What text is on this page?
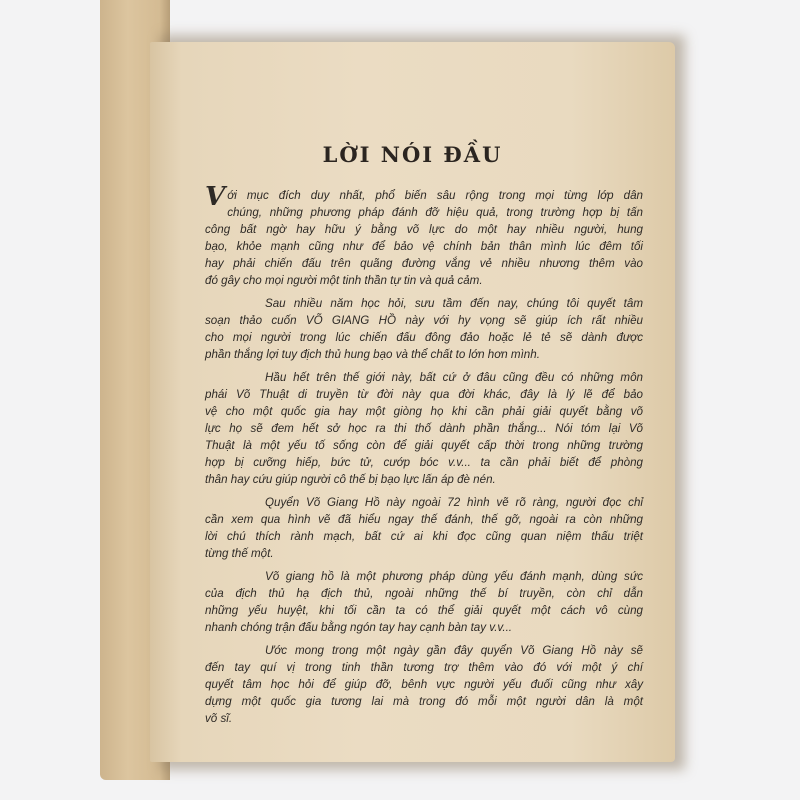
LỜI NÓI ĐẦU
V ới mục đích duy nhất, phổ biến sâu rộng trong mọi từng lớp dân
chúng, những phương pháp đánh đỡ hiệu quả, trong trường hợp bị tấn
công bất ngờ hay hữu ý bằng võ lực do một hay nhiều người, hung
bạo, khỏe mạnh cũng như để bảo vệ chính bản thân mình lúc đêm tối
hay phải chiến đấu trên quãng đường vắng vẻ nhiều nhương thêm vào
đó gây cho mọi người một tinh thần tự tin và quả cảm.
Sau nhiều năm học hỏi, sưu tầm đến nay, chúng tôi quyết tâm
soạn thảo cuốn VÕ GIANG HỒ này với hy vọng sẽ giúp ích rất nhiều
cho mọi người trong lúc chiến đấu đông đảo hoặc lẻ tẻ sẽ dành được
phần thắng lợi tuy địch thủ hung bạo và thể chất to lớn hơn mình.
Hầu hết trên thế giới này, bất cứ ở đâu cũng đều có những môn
phái Võ Thuật di truyền từ đời này qua đời khác, đây là lý lẽ để bảo
vệ cho một quốc gia hay một giòng họ khi cần phải giải quyết bằng võ
lực họ sẽ đem hết sở học ra thi thố dành phần thắng... Nói tóm lại Võ
Thuật là một yếu tố sống còn để giải quyết cấp thời trong những trường
hợp bị cưỡng hiếp, bức tử, cướp bóc v.v... ta cần phải biết để phòng
thân hay cứu giúp người cô thế bị bạo lực lấn áp đè nén.
Quyển Võ Giang Hồ này ngoài 72 hình vẽ rõ ràng, người đọc chỉ
cần xem qua hình vẽ đã hiểu ngay thế đánh, thế gỡ, ngoài ra còn những
lời chú thích rành mạch, bất cứ ai khi đọc cũng quan niệm thấu triệt
từng thế một.
Võ giang hồ là một phương pháp dùng yếu đánh mạnh, dùng sức
của địch thủ hạ địch thủ, ngoài những thế bí truyền, còn chỉ dẫn
những yếu huyệt, khi tối cần ta có thể giải quyết một cách vô cùng
nhanh chóng trận đấu bằng ngón tay hay cạnh bàn tay v.v...
Ước mong trong một ngày gần đây quyển Võ Giang Hồ này sẽ
đến tay quí vị trong tinh thần tương trợ thêm vào đó với một ý chí
quyết tâm học hỏi để giúp đỡ, bênh vực người yếu đuối cũng như xây
dựng một quốc gia tương lai mà trong đó mỗi một người dân là một
võ sĩ.
